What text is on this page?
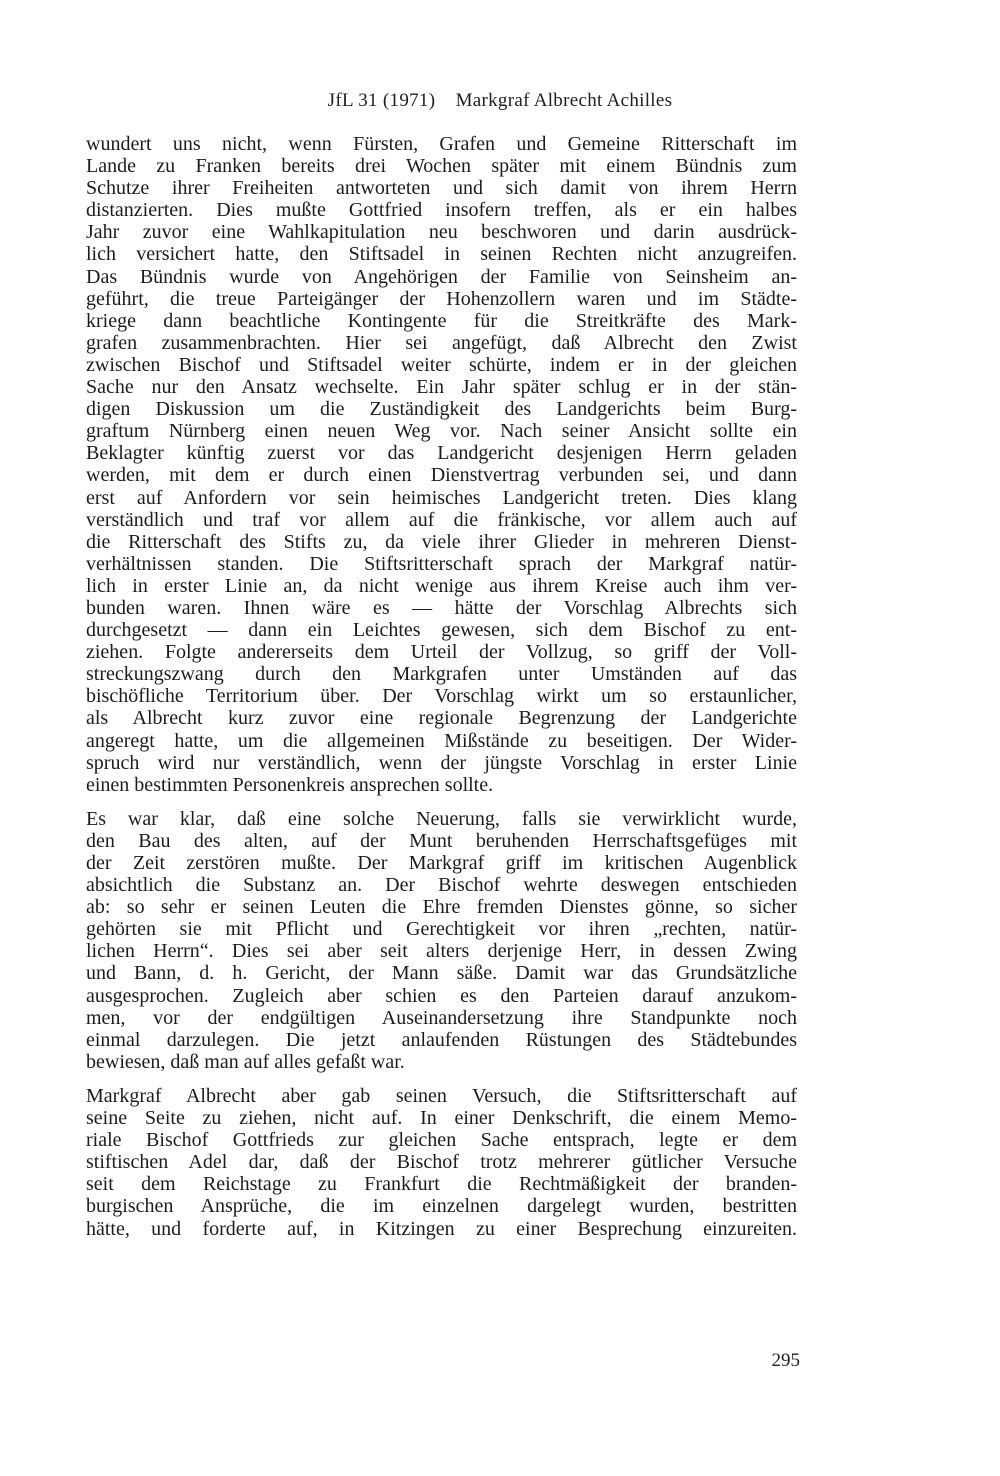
JfL 31 (1971) Markgraf Albrecht Achilles
wundert uns nicht, wenn Fürsten, Grafen und Gemeine Ritterschaft im
Lande zu Franken bereits drei Wochen später mit einem Bündnis zum
Schutze ihrer Freiheiten antworteten und sich damit von ihrem Herrn
distanzierten. Dies mußte Gottfried insofern treffen, als er ein halbes
Jahr zuvor eine Wahlkapitulation neu beschworen und darin ausdrück-
lich versichert hatte, den Stiftsadel in seinen Rechten nicht anzugreifen.
Das Bündnis wurde von Angehörigen der Familie von Seinsheim an-
geführt, die treue Parteigänger der Hohenzollern waren und im Städte-
kriege dann beachtliche Kontingente für die Streitkräfte des Mark-
grafen zusammenbrachten. Hier sei angefügt, daß Albrecht den Zwist
zwischen Bischof und Stiftsadel weiter schürte, indem er in der gleichen
Sache nur den Ansatz wechselte. Ein Jahr später schlug er in der stän-
digen Diskussion um die Zuständigkeit des Landgerichts beim Burg-
graftum Nürnberg einen neuen Weg vor. Nach seiner Ansicht sollte ein
Beklagter künftig zuerst vor das Landgericht desjenigen Herrn geladen
werden, mit dem er durch einen Dienstvertrag verbunden sei, und dann
erst auf Anfordern vor sein heimisches Landgericht treten. Dies klang
verständlich und traf vor allem auf die fränkische, vor allem auch auf
die Ritterschaft des Stifts zu, da viele ihrer Glieder in mehreren Dienst-
verhältnissen standen. Die Stiftsritterschaft sprach der Markgraf natür-
lich in erster Linie an, da nicht wenige aus ihrem Kreise auch ihm ver-
bunden waren. Ihnen wäre es — hätte der Vorschlag Albrechts sich
durchgesetzt — dann ein Leichtes gewesen, sich dem Bischof zu ent-
ziehen. Folgte andererseits dem Urteil der Vollzug, so griff der Voll-
streckungszwang durch den Markgrafen unter Umständen auf das
bischöfliche Territorium über. Der Vorschlag wirkt um so erstaunlicher,
als Albrecht kurz zuvor eine regionale Begrenzung der Landgerichte
angeregt hatte, um die allgemeinen Mißstände zu beseitigen. Der Wider-
spruch wird nur verständlich, wenn der jüngste Vorschlag in erster Linie
einen bestimmten Personenkreis ansprechen sollte.
Es war klar, daß eine solche Neuerung, falls sie verwirklicht wurde,
den Bau des alten, auf der Munt beruhenden Herrschaftsgefüges mit
der Zeit zerstören mußte. Der Markgraf griff im kritischen Augenblick
absichtlich die Substanz an. Der Bischof wehrte deswegen entschieden
ab: so sehr er seinen Leuten die Ehre fremden Dienstes gönne, so sicher
gehörten sie mit Pflicht und Gerechtigkeit vor ihren „rechten, natür-
lichen Herrn“. Dies sei aber seit alters derjenige Herr, in dessen Zwing
und Bann, d. h. Gericht, der Mann säße. Damit war das Grundsätzliche
ausgesprochen. Zugleich aber schien es den Parteien darauf anzukom-
men, vor der endgültigen Auseinandersetzung ihre Standpunkte noch
einmal darzulegen. Die jetzt anlaufenden Rüstungen des Städtebundes
bewiesen, daß man auf alles gefaßt war.
Markgraf Albrecht aber gab seinen Versuch, die Stiftsritterschaft auf
seine Seite zu ziehen, nicht auf. In einer Denkschrift, die einem Memo-
riale Bischof Gottfrieds zur gleichen Sache entsprach, legte er dem
stiftischen Adel dar, daß der Bischof trotz mehrerer gütlicher Versuche
seit dem Reichstage zu Frankfurt die Rechtmäßigkeit der branden-
burgischen Ansprüche, die im einzelnen dargelegt wurden, bestritten
hätte, und forderte auf, in Kitzingen zu einer Besprechung einzureiten.
295
